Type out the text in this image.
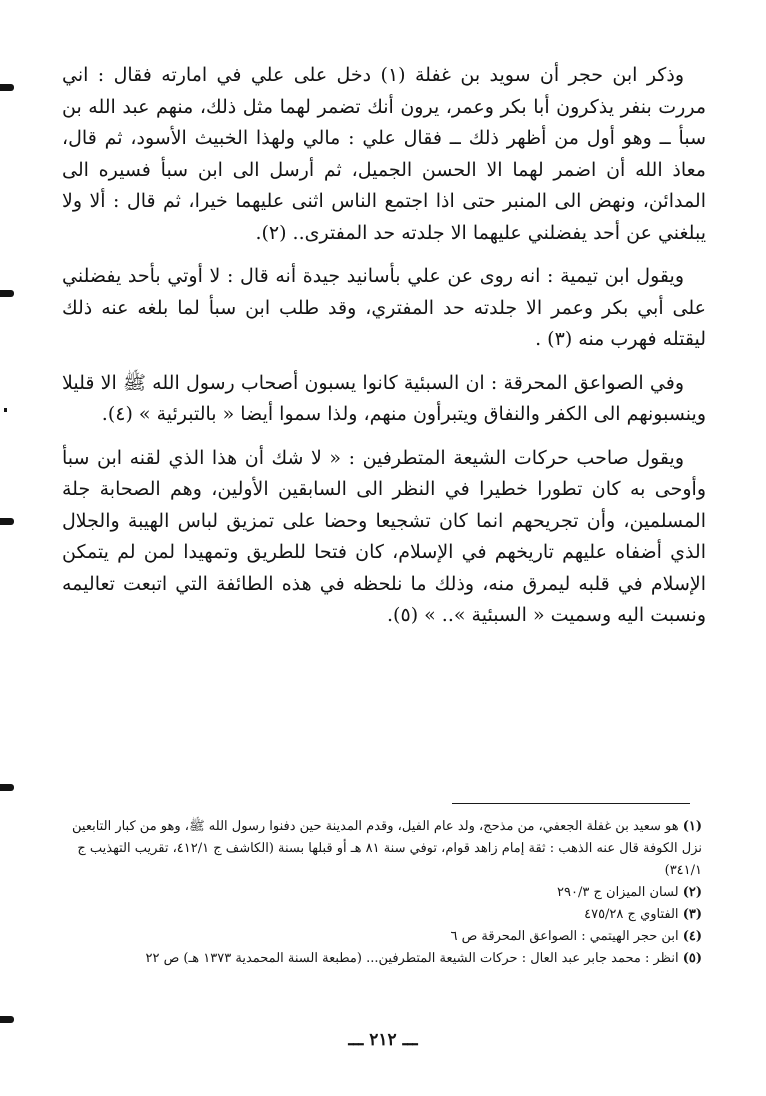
وذكر ابن حجر أن سويد بن غفلة (١) دخل على علي في امارته فقال : اني مررت بنفر يذكرون أبا بكر وعمر، يرون أنك تضمر لهما مثل ذلك، منهم عبد الله بن سبأ ــ وهو أول من أظهر ذلك ــ فقال علي : مالي ولهذا الخبيث الأسود، ثم قال، معاذ الله أن اضمر لهما الا الحسن الجميل، ثم أرسل الى ابن سبأ فسيره الى المدائن، ونهض الى المنبر حتى اذا اجتمع الناس اثنى عليهما خيرا، ثم قال : ألا ولا يبلغني عن أحد يفضلني عليهما الا جلدته حد المفترى.. (٢).

ويقول ابن تيمية : انه روى عن علي بأسانيد جيدة أنه قال : لا أوتي بأحد يفضلني على أبي بكر وعمر الا جلدته حد المفتري، وقد طلب ابن سبأ لما بلغه عنه ذلك ليقتله فهرب منه (٣) .

وفي الصواعق المحرقة : ان السبئية كانوا يسبون أصحاب رسول الله ﷺ الا قليلا وينسبونهم الى الكفر والنفاق ويتبرأون منهم، ولذا سموا أيضا « بالتبرئية » (٤).

ويقول صاحب حركات الشيعة المتطرفين : « لا شك أن هذا الذي لقنه ابن سبأ وأوحى به كان تطورا خطيرا في النظر الى السابقين الأولين، وهم الصحابة جلة المسلمين، وأن تجريحهم انما كان تشجيعا وحضا على تمزيق لباس الهيبة والجلال الذي أضفاه عليهم تاريخهم في الإسلام، كان فتحا للطريق وتمهيدا لمن لم يتمكن الإسلام في قلبه ليمرق منه، وذلك ما نلحظه في هذه الطائفة التي اتبعت تعاليمه ونسبت اليه وسميت « السبئية ».. » (٥).

(١) هو سعيد بن غفلة الجعفي، من مذحج، ولد عام الفيل، وقدم المدينة حين دفنوا رسول الله ﷺ، وهو من كبار التابعين نزل الكوفة قال عنه الذهب : ثقة إمام زاهد قوام، توفي سنة ٨١ هـ أو قبلها بسنة (الكاشف ج ٤١٢/١، تقريب التهذيب ج ٣٤١/١)

(٢) لسان الميزان ج ٢٩٠/٣

(٣) الفتاوي ج ٤٧٥/٢٨

(٤) ابن حجر الهيتمي : الصواعق المحرقة ص ٦

(٥) انظر : محمد جابر عبد العال : حركات الشيعة المتطرفين... (مطبعة السنة المحمدية ١٣٧٣ هـ) ص ٢٢

ـــ ٢١٢ ـــ
